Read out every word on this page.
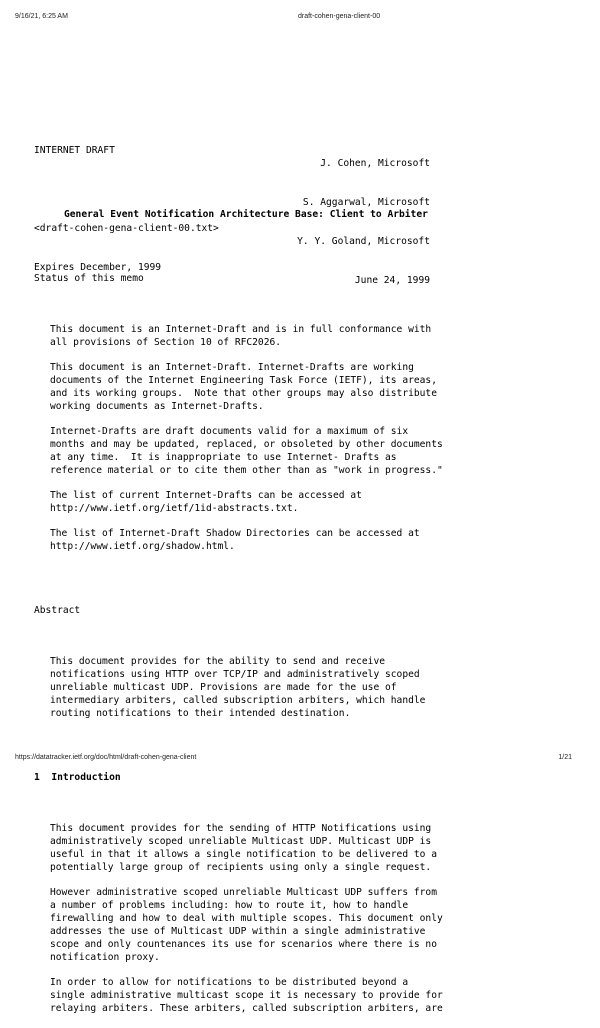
9/16/21, 6:25 AM	draft-cohen-gena-client-00

INTERNET DRAFT

J. Cohen, Microsoft

S. Aggarwal, Microsoft

<draft-cohen-gena-client-00.txt>

Y. Y. Goland, Microsoft

Expires December, 1999

June 24, 1999

General Event Notification Architecture Base: Client to Arbiter

Status of this memo

This document is an Internet-Draft and is in full conformance with
all provisions of Section 10 of RFC2026.
This document is an Internet-Draft. Internet-Drafts are working
documents of the Internet Engineering Task Force (IETF), its areas,
and its working groups.  Note that other groups may also distribute
working documents as Internet-Drafts.
Internet-Drafts are draft documents valid for a maximum of six
months and may be updated, replaced, or obsoleted by other documents
at any time.  It is inappropriate to use Internet- Drafts as
reference material or to cite them other than as "work in progress."
The list of current Internet-Drafts can be accessed at
http://www.ietf.org/ietf/1id-abstracts.txt.
The list of Internet-Draft Shadow Directories can be accessed at
http://www.ietf.org/shadow.html.

Abstract

This document provides for the ability to send and receive
notifications using HTTP over TCP/IP and administratively scoped
unreliable multicast UDP. Provisions are made for the use of
intermediary arbiters, called subscription arbiters, which handle
routing notifications to their intended destination.

1  Introduction

This document provides for the sending of HTTP Notifications using
administratively scoped unreliable Multicast UDP. Multicast UDP is
useful in that it allows a single notification to be delivered to a
potentially large group of recipients using only a single request.
However administrative scoped unreliable Multicast UDP suffers from
a number of problems including: how to route it, how to handle
firewalling and how to deal with multiple scopes. This document only
addresses the use of Multicast UDP within a single administrative
scope and only countenances its use for scenarios where there is no
notification proxy.
In order to allow for notifications to be distributed beyond a
single administrative multicast scope it is necessary to provide for
relaying arbiters. These arbiters, called subscription arbiters, are

https://datatracker.ietf.org/doc/html/draft-cohen-gena-client	1/21
